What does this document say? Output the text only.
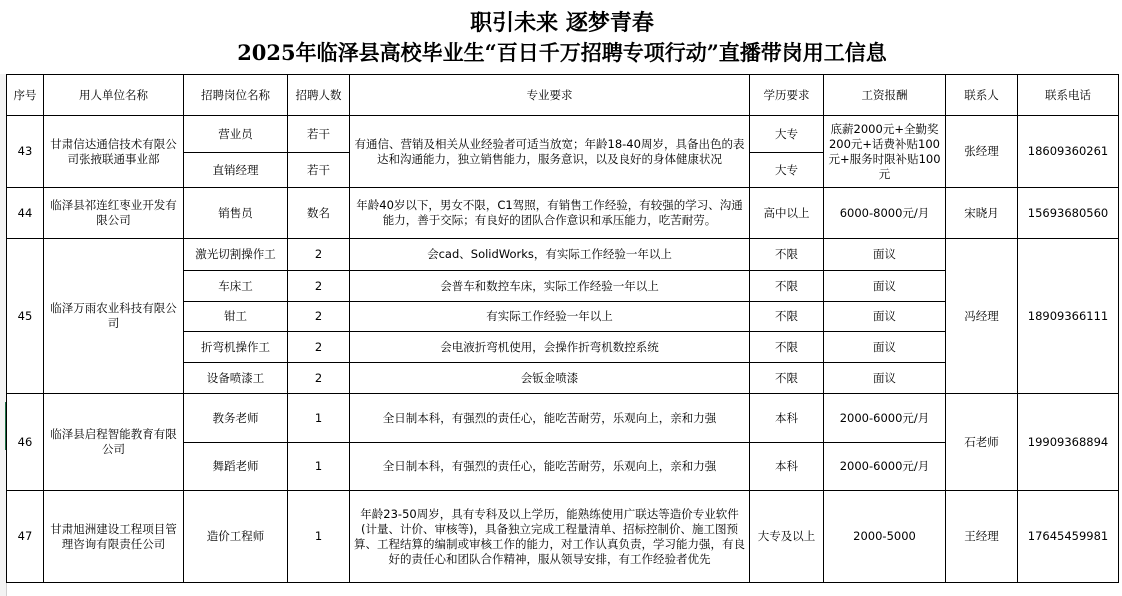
职引未来 逐梦青春
2025年临泽县高校毕业生“百日千万招聘专项行动”直播带岗用工信息
序号	用人单位名称	招聘岗位名称	招聘人数	专业要求	学历要求	工资报酬	联系人	联系电话
43	甘肃信达通信技术有限公司张掖联通事业部	营业员	若干	有通信、营销及相关从业经验者可适当放宽；年龄18-40周岁，具备出色的表达和沟通能力，独立销售能力，服务意识，以及良好的身体健康状况	大专	底薪2000元+全勤奖200元+话费补贴100元+服务时限补贴100元	张经理	18609360261
		直销经理	若干		大专			
44	临泽县祁连红枣业开发有限公司	销售员	数名	年龄40岁以下，男女不限，C1驾照，有销售工作经验，有较强的学习、沟通能力，善于交际；有良好的团队合作意识和承压能力，吃苦耐劳。	高中以上	6000-8000元/月	宋晓月	15693680560
45	临泽万雨农业科技有限公司	激光切割操作工	2	会cad、SolidWorks，有实际工作经验一年以上	不限	面议	冯经理	18909366111
		车床工	2	会普车和数控车床，实际工作经验一年以上	不限	面议		
		钳工	2	有实际工作经验一年以上	不限	面议		
		折弯机操作工	2	会电液折弯机使用，会操作折弯机数控系统	不限	面议		
		设备喷漆工	2	会钣金喷漆	不限	面议		
46	临泽县启程智能教育有限公司	教务老师	1	全日制本科，有强烈的责任心，能吃苦耐劳，乐观向上，亲和力强	本科	2000-6000元/月	石老师	19909368894
		舞蹈老师	1	全日制本科，有强烈的责任心，能吃苦耐劳，乐观向上，亲和力强	本科	2000-6000元/月		
47	甘肃旭洲建设工程项目管理咨询有限责任公司	造价工程师	1	年龄23-50周岁，具有专科及以上学历，能熟练使用广联达等造价专业软件(计量、计价、审核等)，具备独立完成工程量清单、招标控制价、施工图预算、工程结算的编制或审核工作的能力，对工作认真负责，学习能力强，有良好的责任心和团队合作精神，服从领导安排，有工作经验者优先	大专及以上	2000-5000	王经理	17645459981
